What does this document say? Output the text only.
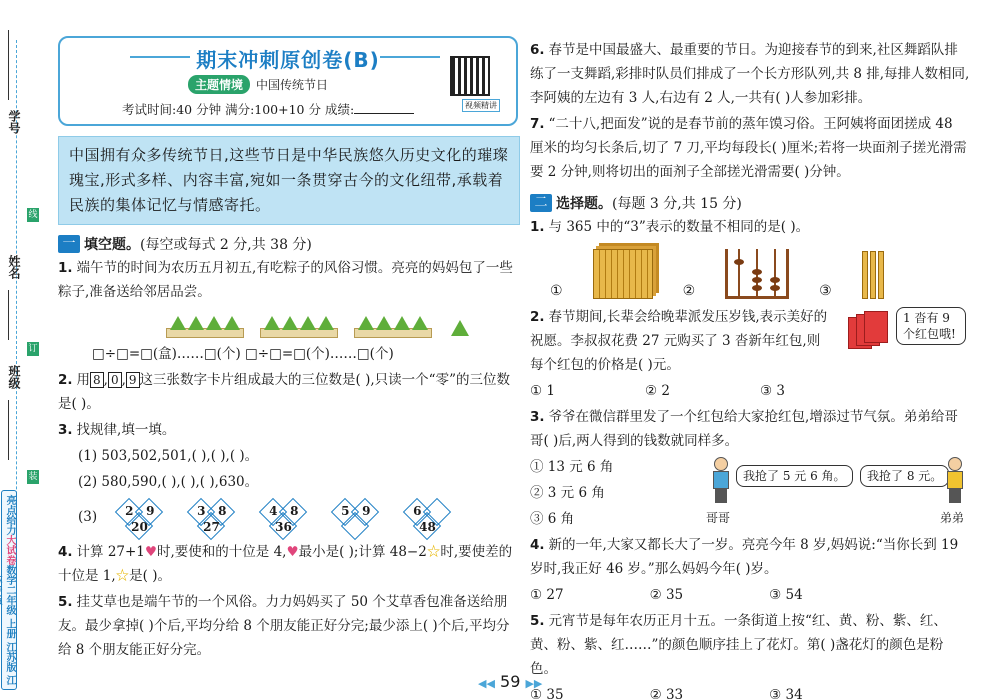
学号
线
姓名
订
班级
装
亮点给力大试卷数学二年级 上册 江苏版 江
期末冲刺原创卷(B)
主题情境 中国传统节日
考试时间:40 分钟 满分:100+10 分 成绩:	视频精讲
中国拥有众多传统节日,这些节日是中华民族悠久历史文化的璀璨瑰宝,形式多样、内容丰富,宛如一条贯穿古今的文化纽带,承载着民族的集体记忆与情感寄托。
一 填空题。 (每空或每式 2 分,共 38 分)
1. 端午节的时间为农历五月初五,有吃粽子的风俗习惯。亮亮的妈妈包了一些粽子,准备送给邻居品尝。
□÷□=□(盒)……□(个) □÷□=□(个)……□(个)
2. 用 8 , 0 , 9 这三张数字卡片组成最大的三位数是( ),只读一个“零”的三位数是( )。
3. 找规律,填一填。
(1) 503,502,501,( ),( ),( )。
(2) 580,590,( ),( ),( ),630。
(3) 2 9
20
3 8
27
4 8
36
5 9	6
48
4. 计算 27+1♥时,要使和的十位是 4,♥最小是( );计算 48−2☆时,要使差的十位是 1,☆是( )。
5. 挂艾草也是端午节的一个风俗。力力妈妈买了 50 个艾草香包准备送给朋友。最少拿掉( )个后,平均分给 8 个朋友能正好分完;最少添上( )个后,平均分给 8 个朋友能正好分完。
6. 春节是中国最盛大、最重要的节日。为迎接春节的到来,社区舞蹈队排练了一支舞蹈,彩排时队员们排成了一个长方形队列,共 8 排,每排人数相同,李阿姨的左边有 3 人,右边有 2 人,一共有( )人参加彩排。
7. “二十八,把面发”说的是春节前的蒸年馍习俗。王阿姨将面团搓成 48 厘米的均匀长条后,切了 7 刀,平均每段长( )厘米;若将一块面剂子搓光滑需要 2 分钟,则将切出的面剂子全部搓光滑需要( )分钟。
二 选择题。 (每题 3 分,共 15 分)
1. 与 365 中的“3”表示的数量不相同的是( )。
①	②	③
2. 春节期间,长辈会给晚辈派发压岁钱,表示美好的祝愿。李叔叔花费 27 元购买了 3 沓新年红包,则每个红包的价格是( )元。
1 沓有 9 个红包哦!
① 1	② 2	③ 3
3. 爷爷在微信群里发了一个红包给大家抢红包,增添过节气氛。弟弟给哥哥( )后,两人得到的钱数就同样多。
① 13 元 6 角
② 3 元 6 角
③ 6 角
我抢了 5 元 6 角。	我抢了 8 元。
哥哥	弟弟
4. 新的一年,大家又都长大了一岁。亮亮今年 8 岁,妈妈说:“当你长到 19 岁时,我正好 46 岁。”那么妈妈今年( )岁。
① 27	② 35	③ 54
5. 元宵节是每年农历正月十五。一条街道上按“红、黄、粉、紫、红、黄、粉、紫、红……”的颜色顺序挂上了花灯。第( )盏花灯的颜色是粉色。
① 35	② 33	③ 34
◀◀ 59 ▶▶
